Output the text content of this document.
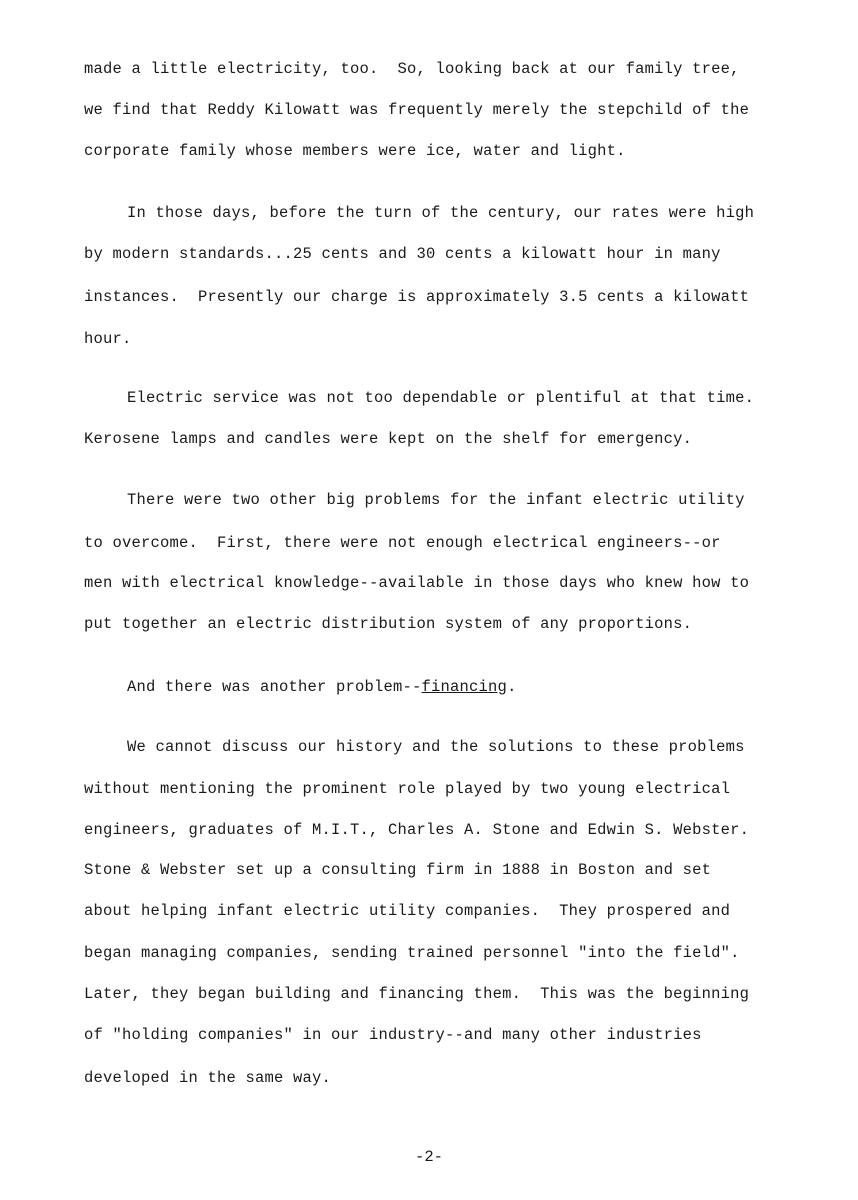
made a little electricity, too.  So, looking back at our family tree,
we find that Reddy Kilowatt was frequently merely the stepchild of the
corporate family whose members were ice, water and light.
In those days, before the turn of the century, our rates were high
by modern standards...25 cents and 30 cents a kilowatt hour in many
instances.  Presently our charge is approximately 3.5 cents a kilowatt
hour.
Electric service was not too dependable or plentiful at that time.
Kerosene lamps and candles were kept on the shelf for emergency.
There were two other big problems for the infant electric utility
to overcome.  First, there were not enough electrical engineers--or
men with electrical knowledge--available in those days who knew how to
put together an electric distribution system of any proportions.
And there was another problem--financing.
We cannot discuss our history and the solutions to these problems
without mentioning the prominent role played by two young electrical
engineers, graduates of M.I.T., Charles A. Stone and Edwin S. Webster.
Stone & Webster set up a consulting firm in 1888 in Boston and set
about helping infant electric utility companies.  They prospered and
began managing companies, sending trained personnel "into the field".
Later, they began building and financing them.  This was the beginning
of "holding companies" in our industry--and many other industries
developed in the same way.
-2-
